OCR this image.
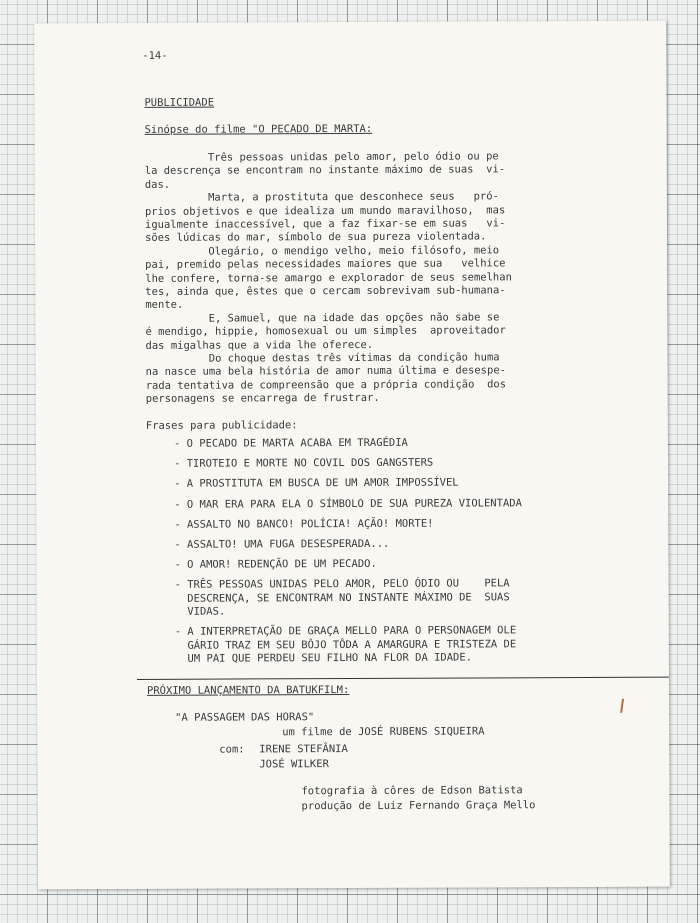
-14-
PUBLICIDADE
Sinópse do filme "O PECADO DE MARTA:
Três pessoas unidas pelo amor, pelo ódio ou pe
la descrença se encontram no instante máximo de suas  vi-
das.
Marta, a prostituta que desconhece seus   pró-
prios objetivos e que idealiza um mundo maravilhoso,  mas
igualmente inaccessível, que a faz fixar-se em suas   vi-
sões lúdicas do mar, símbolo de sua pureza violentada.
Olegário, o mendigo velho, meio filósofo, meio
pai, premido pelas necessidades maiores que sua   velhice
lhe confere, torna-se amargo e explorador de seus semelhan
tes, ainda que, êstes que o cercam sobrevivam sub-humana-
mente.
E, Samuel, que na idade das opções não sabe se
é mendigo, hippie, homosexual ou um simples  aproveitador
das migalhas que a vida lhe oferece.
Do choque destas três vítimas da condição huma
na nasce uma bela história de amor numa última e desespe-
rada tentativa de compreensão que a própria condição  dos
personagens se encarrega de frustrar.
Frases para publicidade:
- O PECADO DE MARTA ACABA EM TRAGÉDIA
- TIROTEIO E MORTE NO COVIL DOS GANGSTERS
- A PROSTITUTA EM BUSCA DE UM AMOR IMPOSSÍVEL
- O MAR ERA PARA ELA O SÍMBOLO DE SUA PUREZA VIOLENTADA
- ASSALTO NO BANCO! POLÍCIA! AÇÃO! MORTE!
- ASSALTO! UMA FUGA DESESPERADA...
- O AMOR! REDENÇÃO DE UM PECADO.
- TRÊS PESSOAS UNIDAS PELO AMOR, PELO ÓDIO OU    PELA
DESCRENÇA, SE ENCONTRAM NO INSTANTE MÁXIMO DE  SUAS
VIDAS.
- A INTERPRETAÇÃO DE GRAÇA MELLO PARA O PERSONAGEM OLE
GÁRIO TRAZ EM SEU BÔJO TÔDA A AMARGURA E TRISTEZA DE
UM PAI QUE PERDEU SEU FILHO NA FLOR DA IDADE.
PRÓXIMO LANÇAMENTO DA BATUKFILM:
"A PASSAGEM DAS HORAS"
um filme de JOSÉ RUBENS SIQUEIRA
com: IRENE STEFÂNIA
JOSÉ WILKER
fotografia à côres de Edson Batista
produção de Luiz Fernando Graça Mello
